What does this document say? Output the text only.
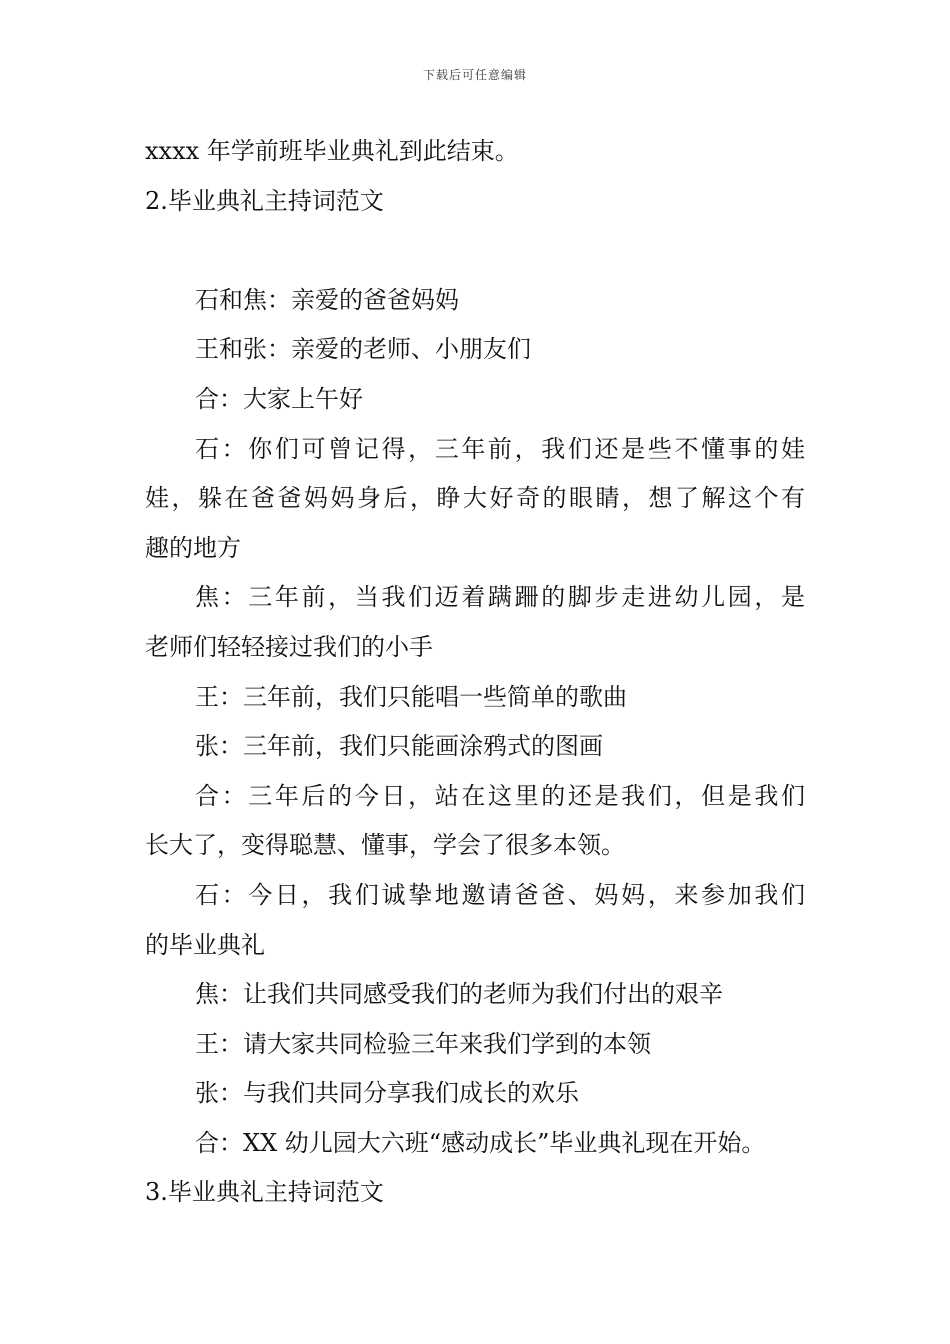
下载后可任意编辑

xxxx 年学前班毕业典礼到此结束。

2.毕业典礼主持词范文

石和焦：亲爱的爸爸妈妈

王和张：亲爱的老师、小朋友们

合：大家上午好

石：你们可曾记得，三年前，我们还是些不懂事的娃

娃，躲在爸爸妈妈身后，睁大好奇的眼睛，想了解这个有

趣的地方

焦：三年前，当我们迈着蹒跚的脚步走进幼儿园，是

老师们轻轻接过我们的小手

王：三年前，我们只能唱一些简单的歌曲

张：三年前，我们只能画涂鸦式的图画

合：三年后的今日，站在这里的还是我们，但是我们

长大了，变得聪慧、懂事，学会了很多本领。

石：今日，我们诚挚地邀请爸爸、妈妈，来参加我们

的毕业典礼

焦：让我们共同感受我们的老师为我们付出的艰辛

王：请大家共同检验三年来我们学到的本领

张：与我们共同分享我们成长的欢乐

合：XX 幼儿园大六班“感动成长”毕业典礼现在开始。

3.毕业典礼主持词范文
